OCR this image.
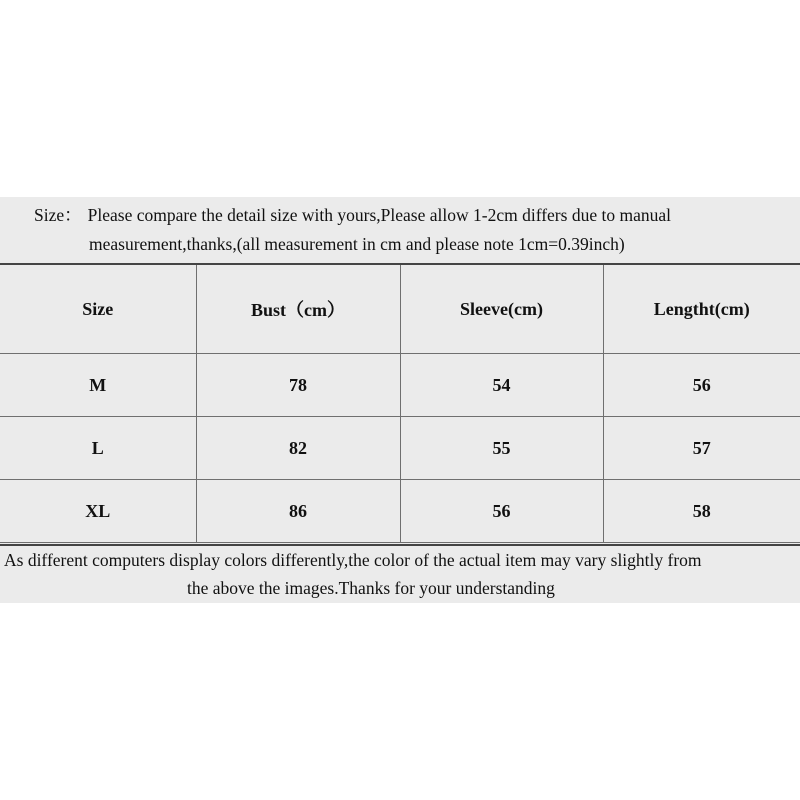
Size： Please compare the detail size with yours,Please allow 1-2cm differs due to manual
measurement,thanks,(all measurement in cm and please note 1cm=0.39inch)
Size	Bust（cm）	Sleeve(cm)	Lengtht(cm)
M	78	54	56
L	82	55	57
XL	86	56	58
As different computers display colors differently,the color of the actual item may vary slightly from
the above the images.Thanks for your understanding
